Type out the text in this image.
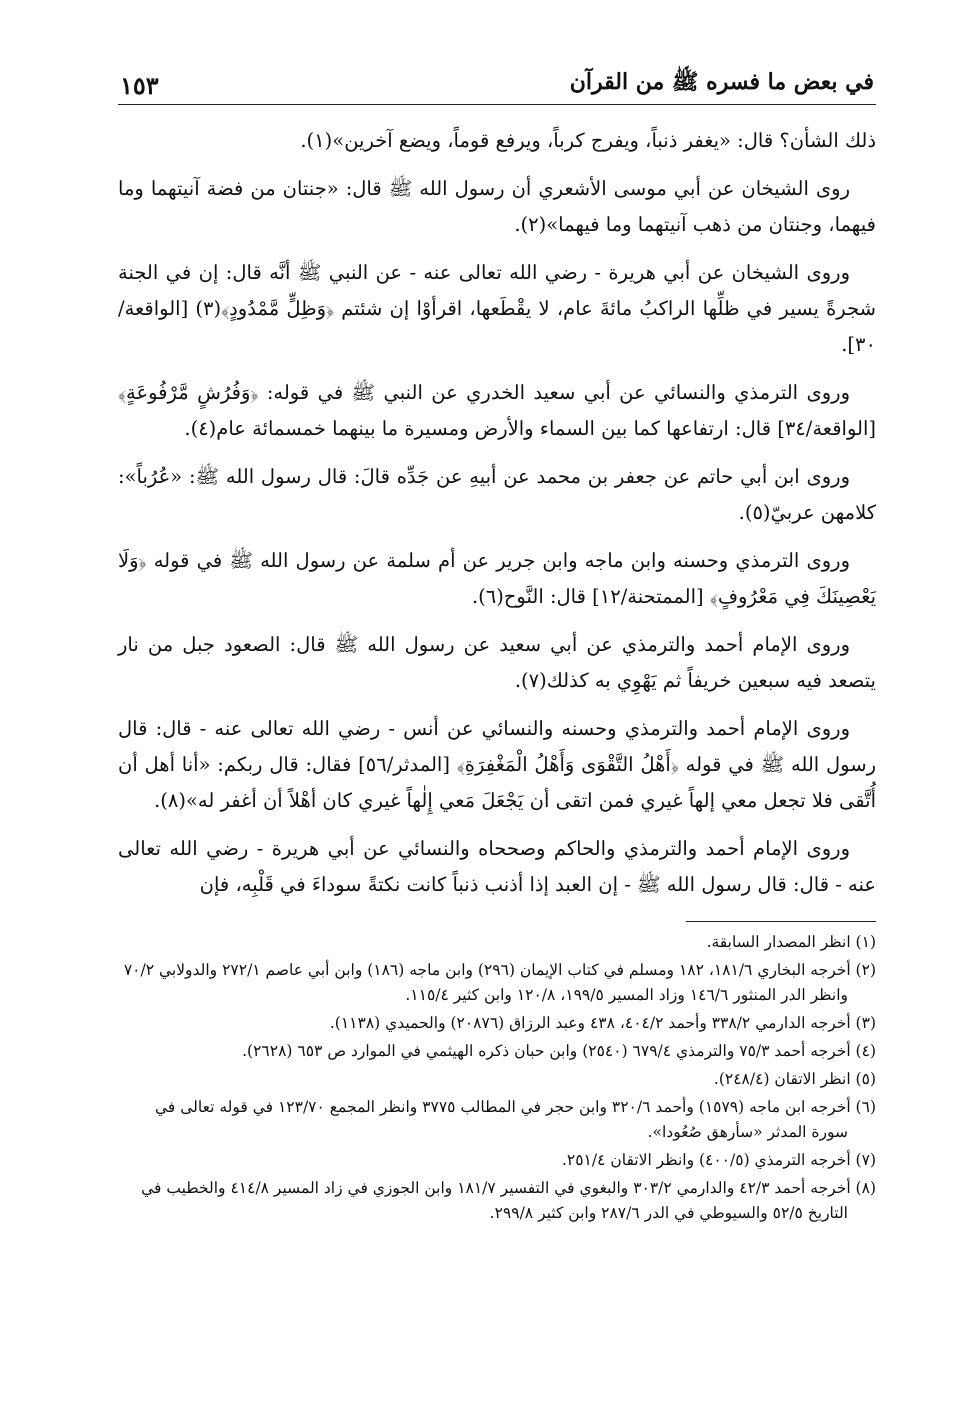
في بعض ما فسره ﷺ من القرآن
١٥٣

ذلك الشأن؟ قال: «يغفر ذنباً، ويفرج كرباً، ويرفع قوماً، ويضع آخرين»(١).

روى الشيخان عن أبي موسى الأشعري أن رسول الله ﷺ قال: «جنتان من فضة آنيتهما وما فيهما، وجنتان من ذهب آنيتهما وما فيهما»(٢).

وروى الشيخان عن أبي هريرة - رضي الله تعالى عنه - عن النبي ﷺ أنَّه قال: إن في الجنة شجرةً يسير في ظلِّها الراكبُ مائةَ عام، لا يقْطَعها، اقرأوْا إن شئتم ﴿وَظِلٍّ مَّمْدُودٍ﴾(٣) [الواقعة/٣٠].

وروى الترمذي والنسائي عن أبي سعيد الخدري عن النبي ﷺ في قوله: ﴿وَفُرُشٍ مَّرْفُوعَةٍ﴾ [الواقعة/٣٤] قال: ارتفاعها كما بين السماء والأرض ومسيرة ما بينهما خمسمائة عام(٤).

وروى ابن أبي حاتم عن جعفر بن محمد عن أبيهِ عن جَدِّه قالَ: قال رسول الله ﷺ: «عُرُباً»: كلامهن عربيّ(٥).

وروى الترمذي وحسنه وابن ماجه وابن جرير عن أم سلمة عن رسول الله ﷺ في قوله ﴿وَلَا يَعْصِينَكَ فِي مَعْرُوفٍ﴾ [الممتحنة/١٢] قال: النَّوح(٦).

وروى الإمام أحمد والترمذي عن أبي سعيد عن رسول الله ﷺ قال: الصعود جبل من نار يتصعد فيه سبعين خريفاً ثم يَهْوِي به كذلك(٧).

وروى الإمام أحمد والترمذي وحسنه والنسائي عن أنس - رضي الله تعالى عنه - قال: قال رسول الله ﷺ في قوله ﴿أَهْلُ التَّقْوَى وَأَهْلُ الْمَغْفِرَةِ﴾ [المدثر/٥٦] فقال: قال ربكم: «أنا أهل أن أُتَّقى فلا تجعل معي إلهاً غيري فمن اتقى أن يَجْعَلَ مَعي إِلٰهاً غيري كان أهْلاً أن أغفر له»(٨).

وروى الإمام أحمد والترمذي والحاكم وصححاه والنسائي عن أبي هريرة - رضي الله تعالى عنه - قال: قال رسول الله ﷺ - إن العبد إذا أذنب ذنباً كانت نكتةً سوداءَ في قَلْبِه، فإن

(١) انظر المصدار السابقة.

(٢) أخرجه البخاري ١٨١/٦، ١٨٢ ومسلم في كتاب الإيمان (٢٩٦) وابن ماجه (١٨٦) وابن أبي عاصم ٢٧٢/١ والدولابي ٧٠/٢ وانظر الدر المنثور ١٤٦/٦ وزاد المسير ١٩٩/٥، ١٢٠/٨ وابن كثير ١١٥/٤.

(٣) أخرجه الدارمي ٣٣٨/٢ وأحمد ٤٠٤/٢، ٤٣٨ وعبد الرزاق (٢٠٨٧٦) والحميدي (١١٣٨).

(٤) أخرجه أحمد ٧٥/٣ والترمذي ٦٧٩/٤ (٢٥٤٠) وابن حبان ذكره الهيثمي في الموارد ص ٦٥٣ (٢٦٢٨).

(٥) انظر الاتقان (٢٤٨/٤).

(٦) أخرجه ابن ماجه (١٥٧٩) وأحمد ٣٢٠/٦ وابن حجر في المطالب ٣٧٧٥ وانظر المجمع ١٢٣/٧٠ في قوله تعالى في سورة المدثر «سأرهق صُعُودا».

(٧) أخرجه الترمذي (٤٠٠/٥) وانظر الاتقان ٢٥١/٤.

(٨) أخرجه أحمد ٤٢/٣ والدارمي ٣٠٣/٢ والبغوي في التفسير ١٨١/٧ وابن الجوزي في زاد المسير ٤١٤/٨ والخطيب في التاريخ ٥٢/٥ والسيوطي في الدر ٢٨٧/٦ وابن كثير ٢٩٩/٨.
